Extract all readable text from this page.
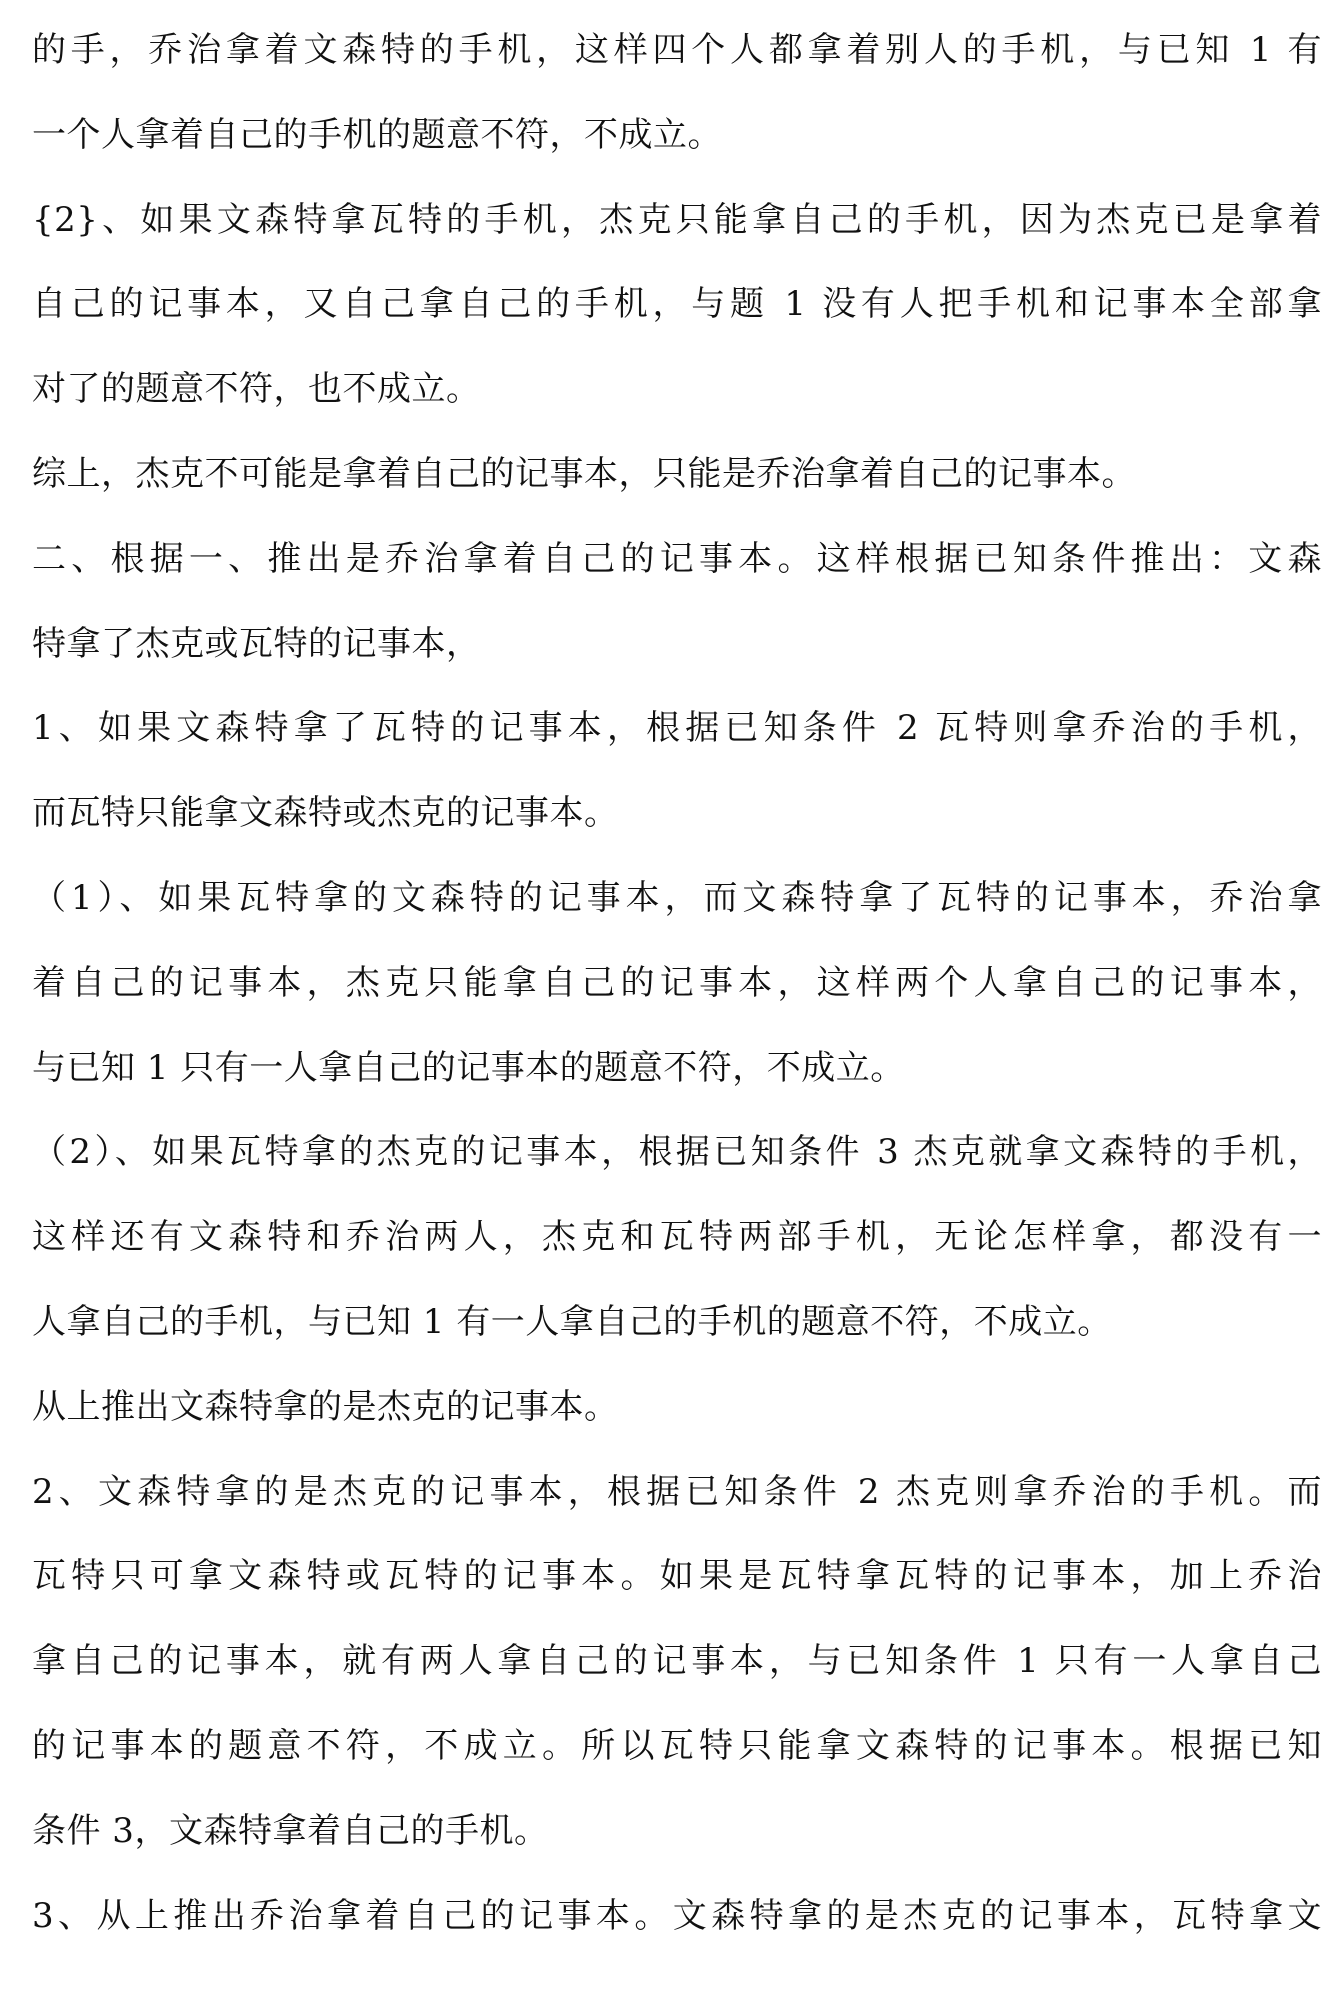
的手，乔治拿着文森特的手机，这样四个人都拿着别人的手机，与已知 1 有
一个人拿着自己的手机的题意不符，不成立。
{2}、如果文森特拿瓦特的手机，杰克只能拿自己的手机，因为杰克已是拿着
自己的记事本，又自己拿自己的手机，与题 1 没有人把手机和记事本全部拿
对了的题意不符，也不成立。
综上，杰克不可能是拿着自己的记事本，只能是乔治拿着自己的记事本。
二、根据一、推出是乔治拿着自己的记事本。这样根据已知条件推出：文森
特拿了杰克或瓦特的记事本，
1、如果文森特拿了瓦特的记事本，根据已知条件 2 瓦特则拿乔治的手机，
而瓦特只能拿文森特或杰克的记事本。
（1）、如果瓦特拿的文森特的记事本，而文森特拿了瓦特的记事本，乔治拿
着自己的记事本，杰克只能拿自己的记事本，这样两个人拿自己的记事本，
与已知 1 只有一人拿自己的记事本的题意不符，不成立。
（2）、如果瓦特拿的杰克的记事本，根据已知条件 3 杰克就拿文森特的手机，
这样还有文森特和乔治两人，杰克和瓦特两部手机，无论怎样拿，都没有一
人拿自己的手机，与已知 1 有一人拿自己的手机的题意不符，不成立。
从上推出文森特拿的是杰克的记事本。
2、文森特拿的是杰克的记事本，根据已知条件 2 杰克则拿乔治的手机。而
瓦特只可拿文森特或瓦特的记事本。如果是瓦特拿瓦特的记事本，加上乔治
拿自己的记事本，就有两人拿自己的记事本，与已知条件 1 只有一人拿自己
的记事本的题意不符，不成立。所以瓦特只能拿文森特的记事本。根据已知
条件 3，文森特拿着自己的手机。
3、从上推出乔治拿着自己的记事本。文森特拿的是杰克的记事本，瓦特拿文
